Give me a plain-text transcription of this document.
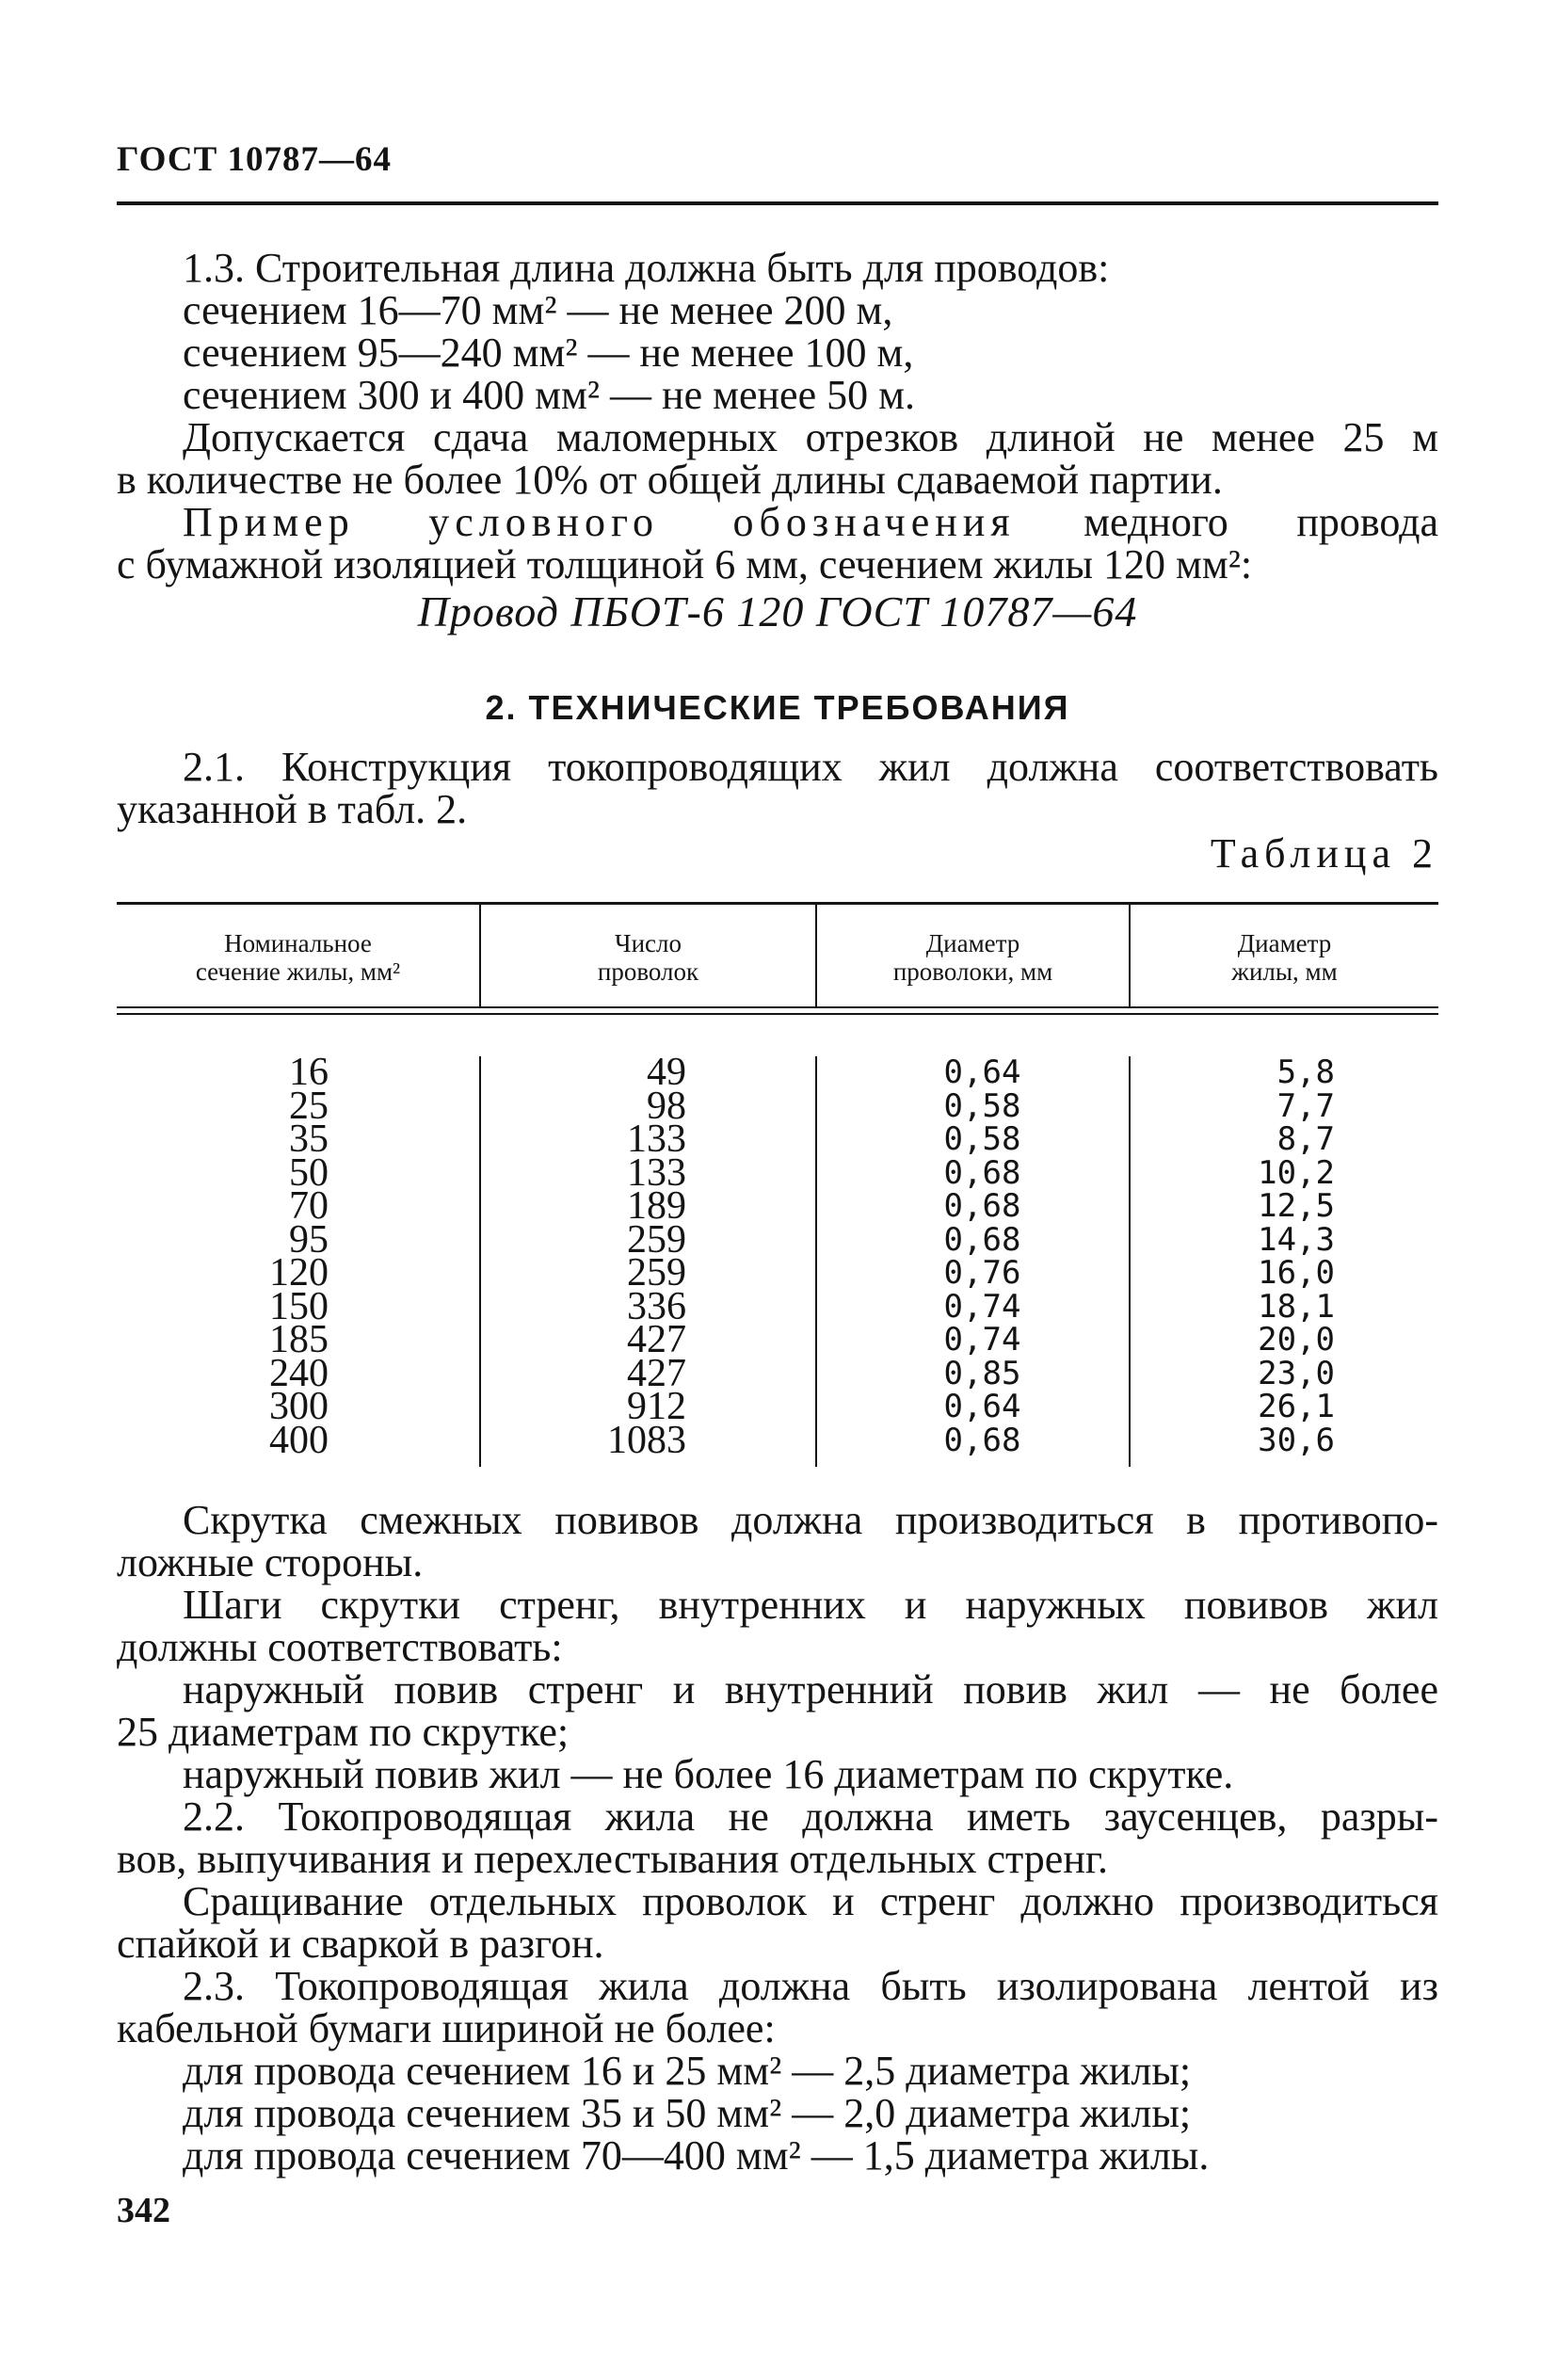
ГОСТ 10787—64
1.3. Строительная длина должна быть для проводов:
сечением 16—70 мм² — не менее 200 м,
сечением 95—240 мм² — не менее 100 м,
сечением 300 и 400 мм² — не менее 50 м.
Допускается сдача маломерных отрезков длиной не менее 25 м
в количестве не более 10% от общей длины сдаваемой партии.
Пример условного обозначения медного провода
с бумажной изоляцией толщиной 6 мм, сечением жилы 120 мм²:
Провод ПБОТ-6 120 ГОСТ 10787—64
2. ТЕХНИЧЕСКИЕ ТРЕБОВАНИЯ
2.1. Конструкция токопроводящих жил должна соответствовать
указанной в табл. 2.
Таблица 2
Номинальное
сечение жилы, мм²
Число
проволок
Диаметр
проволоки, мм
Диаметр
жилы, мм
16
25
35
50
70
95
120
150
185
240
300
400
49
98
133
133
189
259
259
336
427
427
912
1083
0,64
0,58
0,58
0,68
0,68
0,68
0,76
0,74
0,74
0,85
0,64
0,68
5,8
7,7
8,7
10,2
12,5
14,3
16,0
18,1
20,0
23,0
26,1
30,6
Скрутка смежных повивов должна производиться в противопо-
ложные стороны.
Шаги скрутки стренг, внутренних и наружных повивов жил
должны соответствовать:
наружный повив стренг и внутренний повив жил — не более
25 диаметрам по скрутке;
наружный повив жил — не более 16 диаметрам по скрутке.
2.2. Токопроводящая жила не должна иметь заусенцев, разры-
вов, выпучивания и перехлестывания отдельных стренг.
Сращивание отдельных проволок и стренг должно производиться
спайкой и сваркой в разгон.
2.3. Токопроводящая жила должна быть изолирована лентой из
кабельной бумаги шириной не более:
для провода сечением 16 и 25 мм² — 2,5 диаметра жилы;
для провода сечением 35 и 50 мм² — 2,0 диаметра жилы;
для провода сечением 70—400 мм² — 1,5 диаметра жилы.
342
